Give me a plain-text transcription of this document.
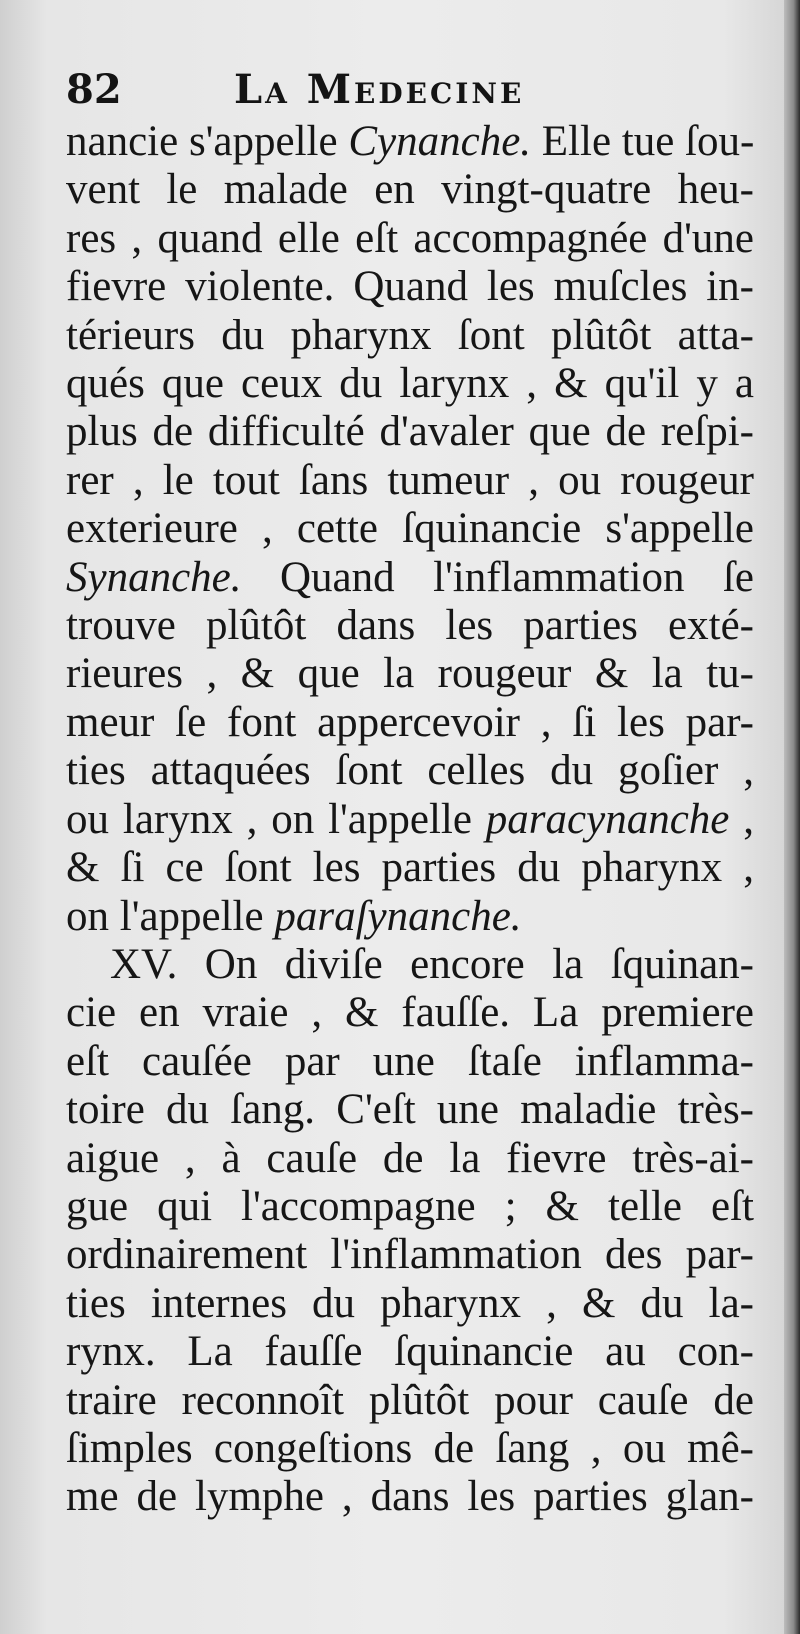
82	La Medecine
nancie s'appelle Cynanche. Elle tue ſou-
vent le malade en vingt-quatre heu-
res , quand elle eſt accompagnée d'une
fievre violente. Quand les muſcles in-
térieurs du pharynx ſont plûtôt atta-
qués que ceux du larynx , & qu'il y a
plus de difficulté d'avaler que de reſpi-
rer , le tout ſans tumeur , ou rougeur
exterieure , cette ſquinancie s'appelle
Synanche. Quand l'inflammation ſe
trouve plûtôt dans les parties exté-
rieures , & que la rougeur & la tu-
meur ſe font appercevoir , ſi les par-
ties attaquées ſont celles du goſier ,
ou larynx , on l'appelle paracynanche ,
& ſi ce ſont les parties du pharynx ,
on l'appelle paraſynanche.
XV. On diviſe encore la ſquinan-
cie en vraie , & fauſſe. La premiere
eſt cauſée par une ſtaſe inflamma-
toire du ſang. C'eſt une maladie très-
aigue , à cauſe de la fievre très-ai-
gue qui l'accompagne ; & telle eſt
ordinairement l'inflammation des par-
ties internes du pharynx , & du la-
rynx. La fauſſe ſquinancie au con-
traire reconnoît plûtôt pour cauſe de
ſimples congeſtions de ſang , ou mê-
me de lymphe , dans les parties glan-
